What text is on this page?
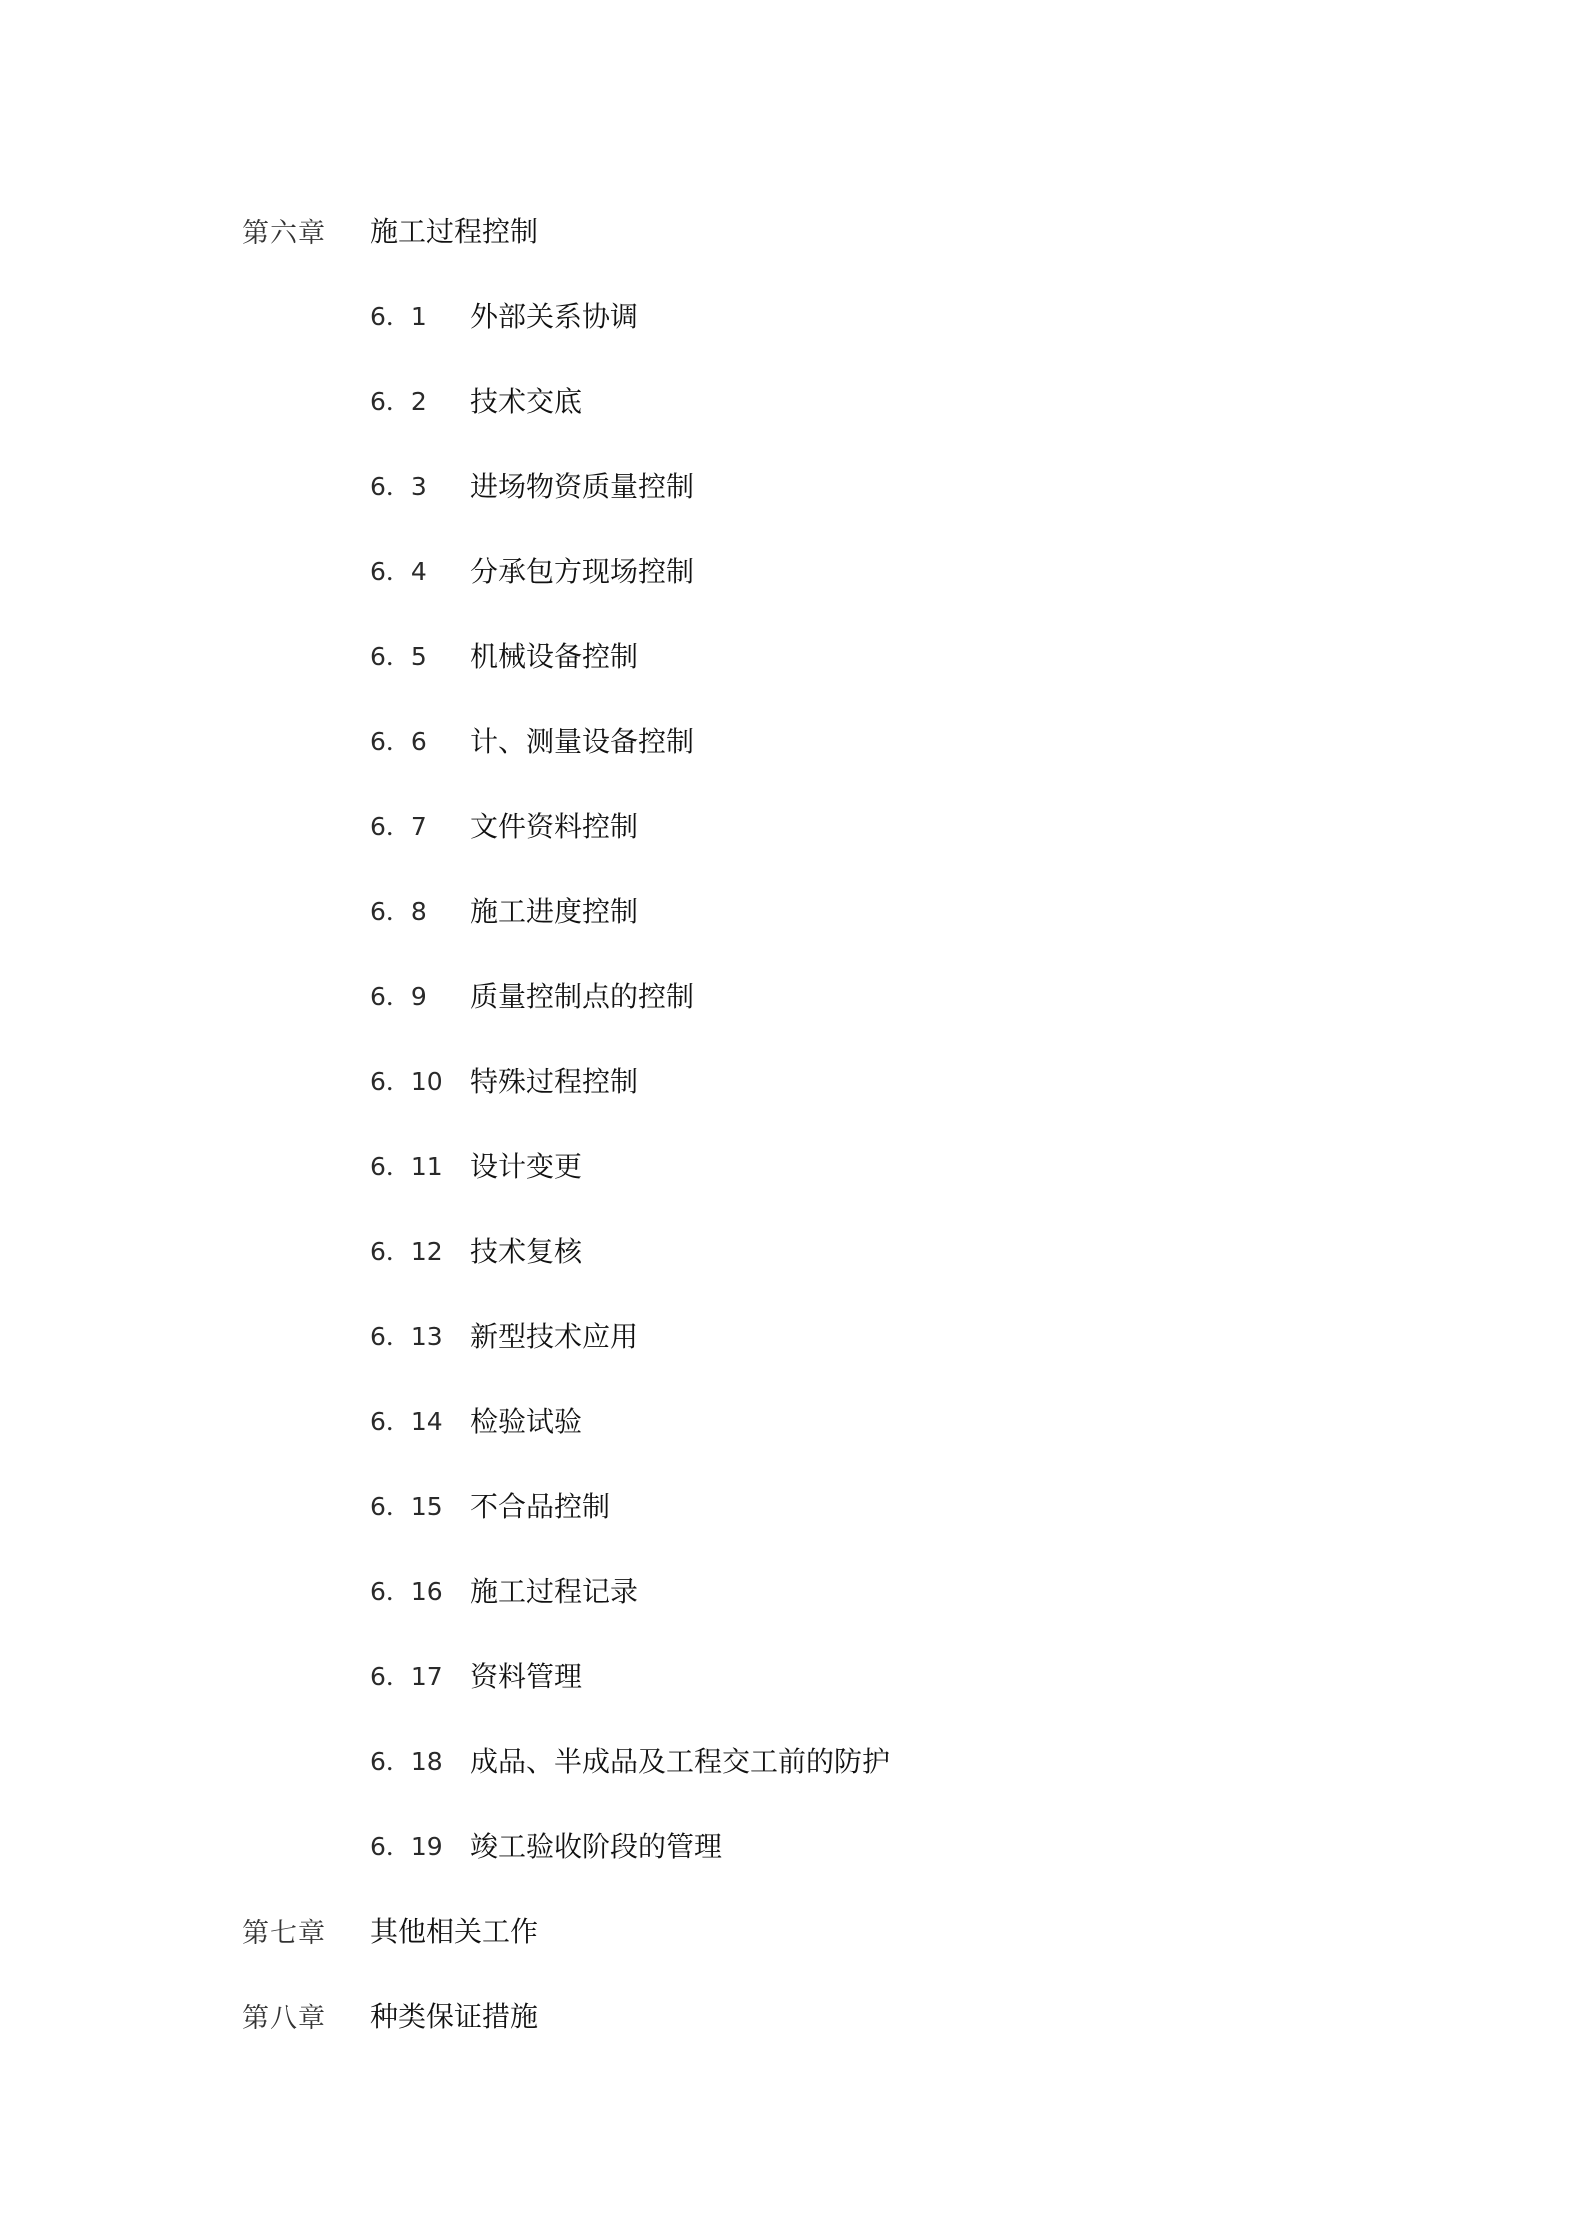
第六章 施工过程控制
6．1 外部关系协调
6．2 技术交底
6．3 进场物资质量控制
6．4 分承包方现场控制
6．5 机械设备控制
6．6 计、测量设备控制
6．7 文件资料控制
6．8 施工进度控制
6．9 质量控制点的控制
6．10 特殊过程控制
6．11 设计变更
6．12 技术复核
6．13 新型技术应用
6．14 检验试验
6．15 不合品控制
6．16 施工过程记录
6．17 资料管理
6．18 成品、半成品及工程交工前的防护
6．19 竣工验收阶段的管理
第七章 其他相关工作
第八章 种类保证措施
